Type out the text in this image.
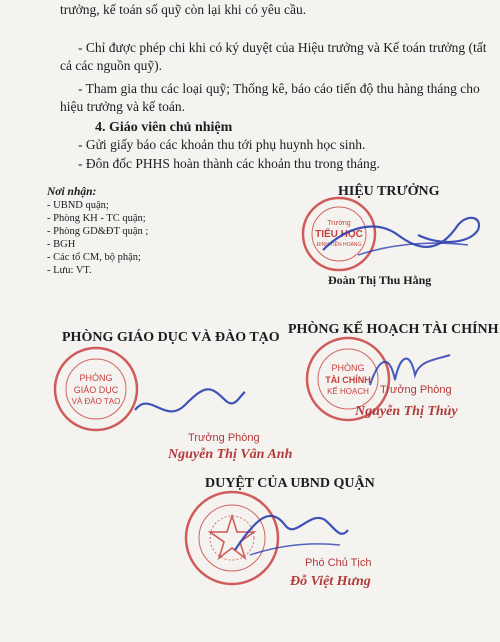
trưởng, kế toán số quỹ còn lại khi có yêu cầu.
- Chỉ được phép chi khi có ký duyệt của Hiệu trưởng và Kế toán trưởng (tất
cả các nguồn quỹ).
- Tham gia thu các loại quỹ; Thống kê, báo cáo tiến độ thu hàng tháng cho
hiệu trưởng và kế toán.
4. Giáo viên chủ nhiệm
- Gửi giấy báo các khoản thu tới phụ huynh học sinh.
- Đôn đốc PHHS hoàn thành các khoản thu trong tháng.
Nơi nhận:
- UBND quận;
- Phòng KH - TC quận;
- Phòng GD&ĐT quận ;
- BGH
- Các tổ CM, bộ phận;
- Lưu: VT.
HIỆU TRƯỞNG
Trường
TIỂU HỌC
ĐINH TIÊN HOÀNG
Đoàn Thị Thu Hằng
PHÒNG GIÁO DỤC VÀ ĐÀO TẠO
PHÒNG
GIÁO DỤC
VÀ ĐÀO TẠO
Trưởng Phòng
Nguyễn Thị Vân Anh
PHÒNG KẾ HOẠCH TÀI CHÍNH
PHÒNG
TÀI CHÍNH
KẾ HOẠCH Trưởng Phòng
Nguyễn Thị Thủy
DUYỆT CỦA UBND QUẬN
Phó Chủ Tịch
Đỗ Việt Hưng
